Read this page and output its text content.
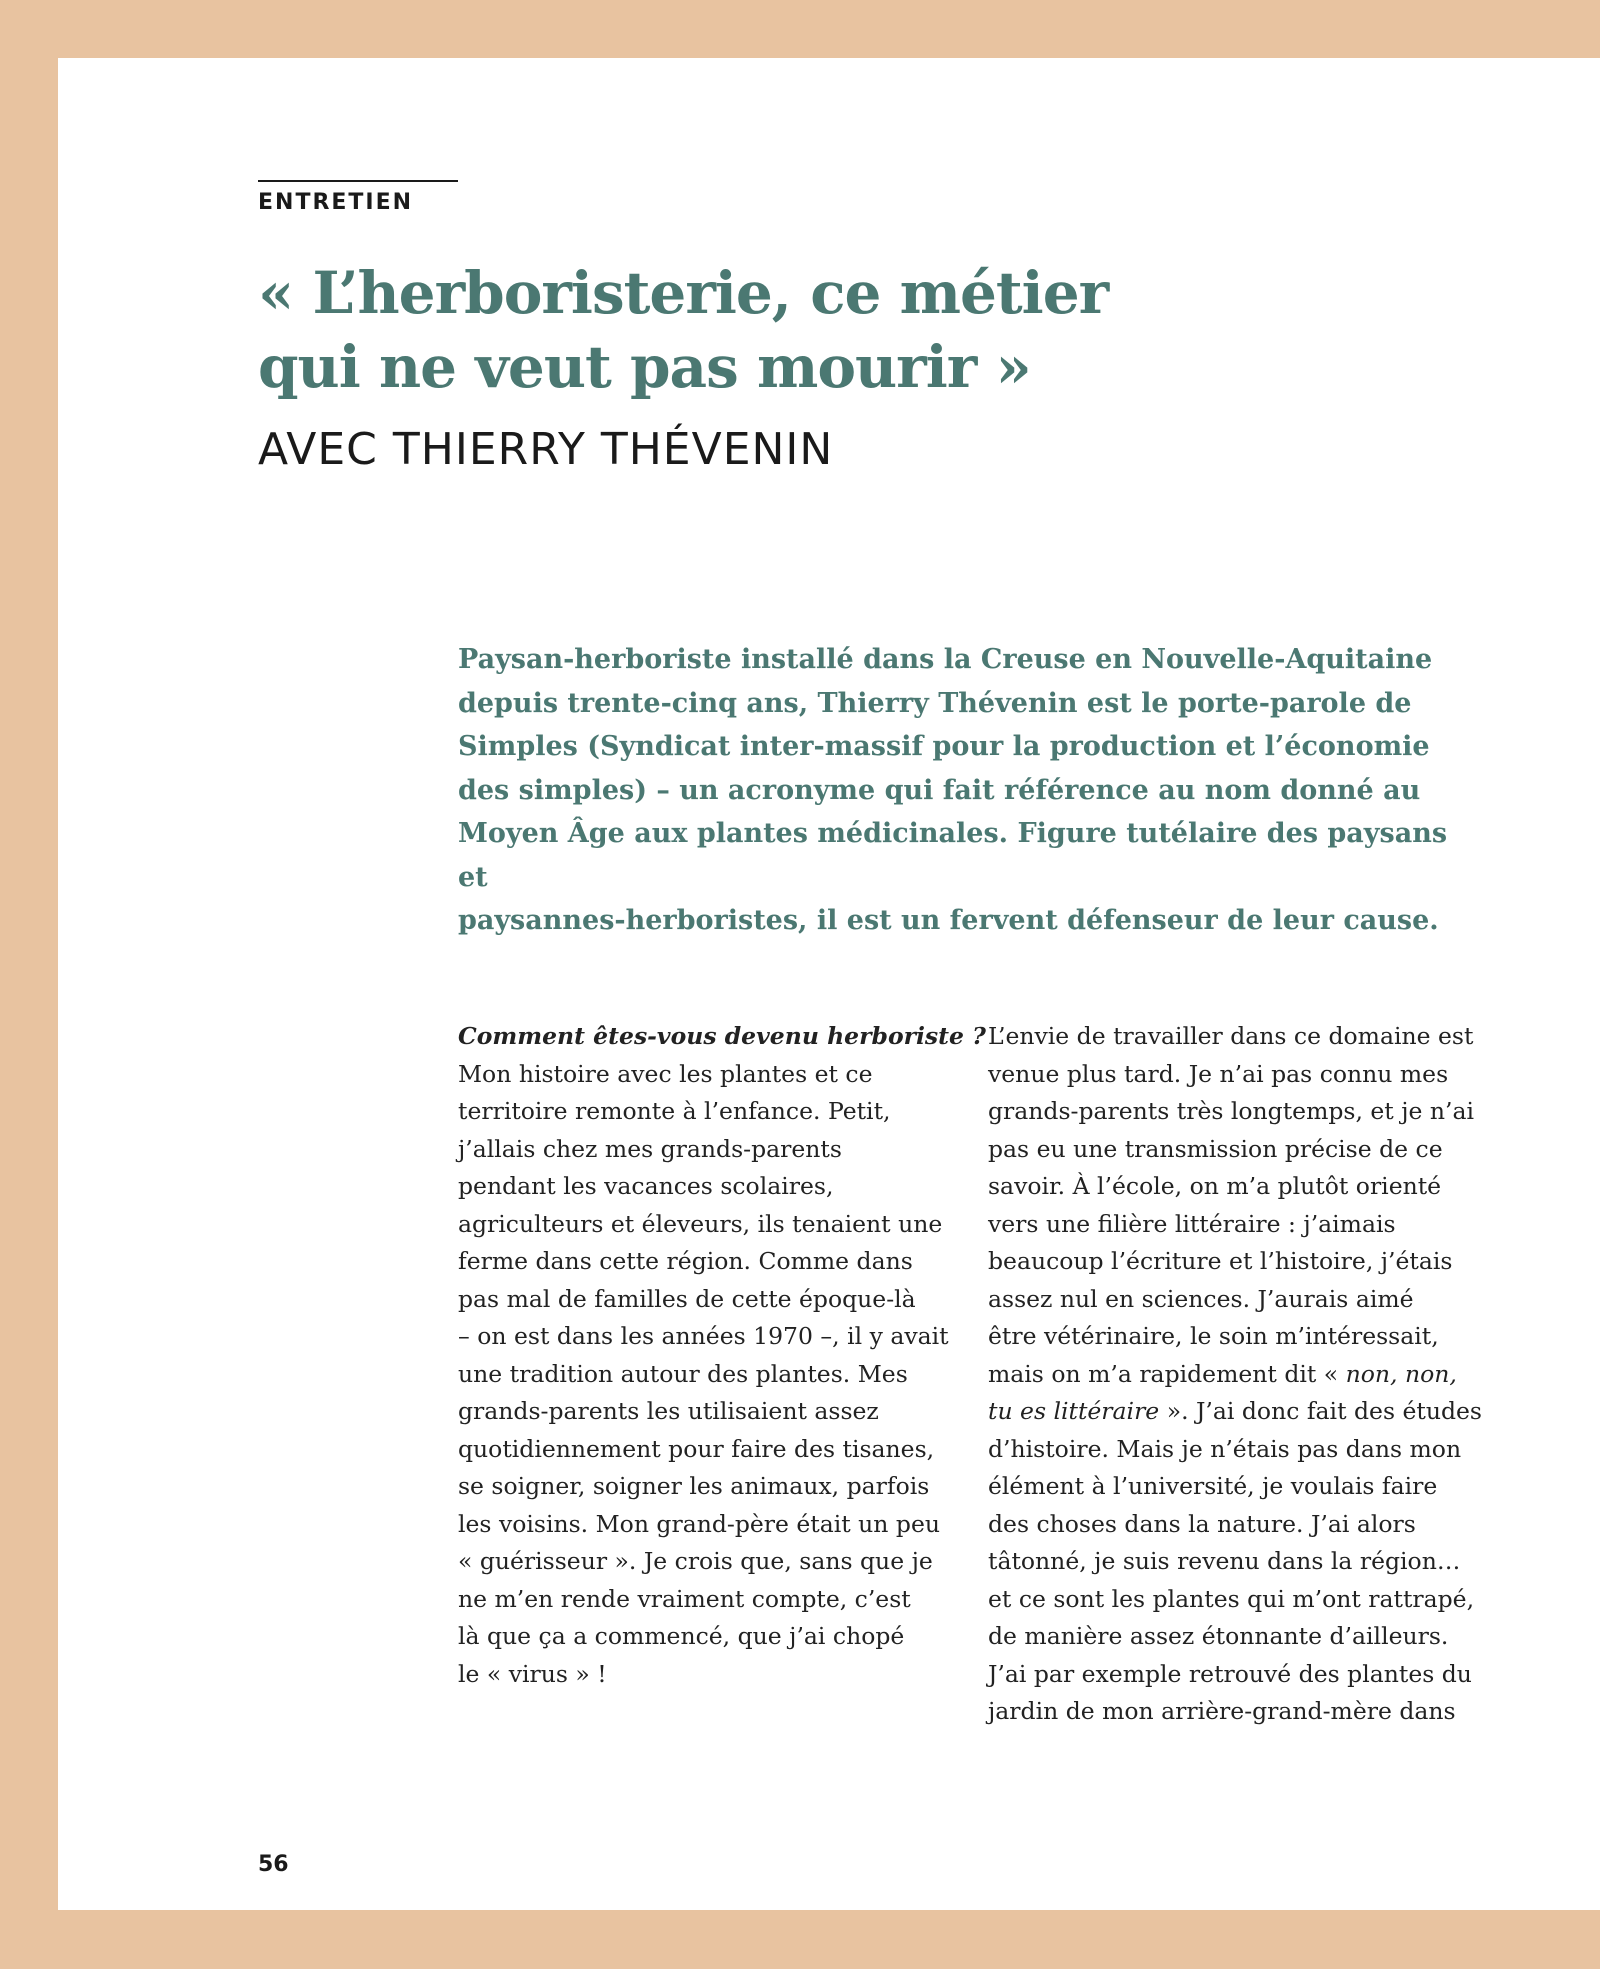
ENTRETIEN

« L’herboristerie, ce métier
qui ne veut pas mourir »
AVEC THIERRY THÉVENIN

Paysan-herboriste installé dans la Creuse en Nouvelle-Aquitaine
depuis trente-cinq ans, Thierry Thévenin est le porte-parole de
Simples (Syndicat inter-massif pour la production et l’économie
des simples) – un acronyme qui fait référence au nom donné au
Moyen Âge aux plantes médicinales. Figure tutélaire des paysans et
paysannes-herboristes, il est un fervent défenseur de leur cause.

Comment êtes-vous devenu herboriste ?
Mon histoire avec les plantes et ce
territoire remonte à l’enfance. Petit,
j’allais chez mes grands-parents
pendant les vacances scolaires,
agriculteurs et éleveurs, ils tenaient une
ferme dans cette région. Comme dans
pas mal de familles de cette époque-là
– on est dans les années 1970 –, il y avait
une tradition autour des plantes. Mes
grands-parents les utilisaient assez
quotidiennement pour faire des tisanes,
se soigner, soigner les animaux, parfois
les voisins. Mon grand-père était un peu
« guérisseur ». Je crois que, sans que je
ne m’en rende vraiment compte, c’est
là que ça a commencé, que j’ai chopé
le « virus » !
L’envie de travailler dans ce domaine est
venue plus tard. Je n’ai pas connu mes
grands-parents très longtemps, et je n’ai
pas eu une transmission précise de ce
savoir. À l’école, on m’a plutôt orienté
vers une filière littéraire : j’aimais
beaucoup l’écriture et l’histoire, j’étais
assez nul en sciences. J’aurais aimé
être vétérinaire, le soin m’intéressait,
mais on m’a rapidement dit « non, non,
tu es littéraire ». J’ai donc fait des études
d’histoire. Mais je n’étais pas dans mon
élément à l’université, je voulais faire
des choses dans la nature. J’ai alors
tâtonné, je suis revenu dans la région…
et ce sont les plantes qui m’ont rattrapé,
de manière assez étonnante d’ailleurs.
J’ai par exemple retrouvé des plantes du
jardin de mon arrière-grand-mère dans

56
